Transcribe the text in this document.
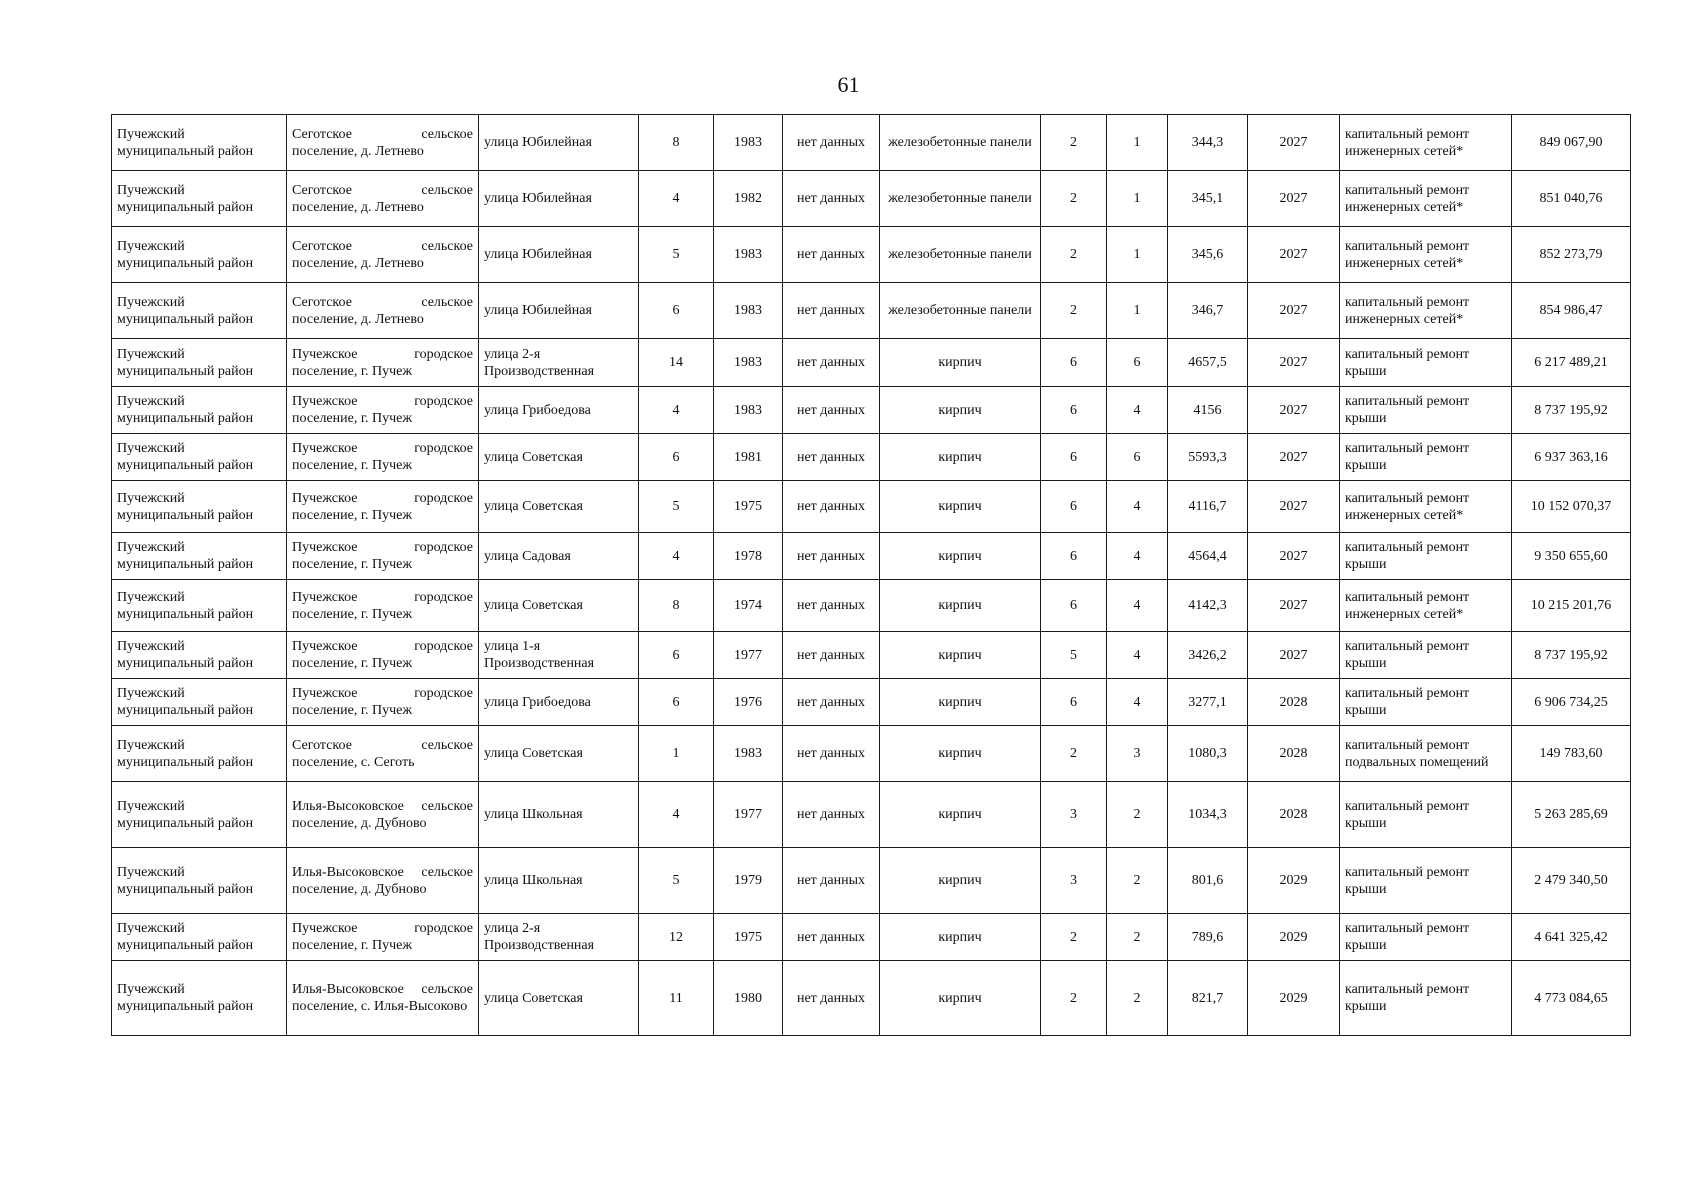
61
Пучежский муниципальный район	Сеготское сельское поселение, д. Летнево	улица Юбилейная	8	1983	нет данных	железобетонные панели	2	1	344,3	2027	капитальный ремонт инженерных сетей*	849 067,90
Пучежский муниципальный район	Сеготское сельское поселение, д. Летнево	улица Юбилейная	4	1982	нет данных	железобетонные панели	2	1	345,1	2027	капитальный ремонт инженерных сетей*	851 040,76
Пучежский муниципальный район	Сеготское сельское поселение, д. Летнево	улица Юбилейная	5	1983	нет данных	железобетонные панели	2	1	345,6	2027	капитальный ремонт инженерных сетей*	852 273,79
Пучежский муниципальный район	Сеготское сельское поселение, д. Летнево	улица Юбилейная	6	1983	нет данных	железобетонные панели	2	1	346,7	2027	капитальный ремонт инженерных сетей*	854 986,47
Пучежский муниципальный район	Пучежское городское поселение, г. Пучеж	улица 2-я Производственная	14	1983	нет данных	кирпич	6	6	4657,5	2027	капитальный ремонт крыши	6 217 489,21
Пучежский муниципальный район	Пучежское городское поселение, г. Пучеж	улица Грибоедова	4	1983	нет данных	кирпич	6	4	4156	2027	капитальный ремонт крыши	8 737 195,92
Пучежский муниципальный район	Пучежское городское поселение, г. Пучеж	улица Советская	6	1981	нет данных	кирпич	6	6	5593,3	2027	капитальный ремонт крыши	6 937 363,16
Пучежский муниципальный район	Пучежское городское поселение, г. Пучеж	улица Советская	5	1975	нет данных	кирпич	6	4	4116,7	2027	капитальный ремонт инженерных сетей*	10 152 070,37
Пучежский муниципальный район	Пучежское городское поселение, г. Пучеж	улица Садовая	4	1978	нет данных	кирпич	6	4	4564,4	2027	капитальный ремонт крыши	9 350 655,60
Пучежский муниципальный район	Пучежское городское поселение, г. Пучеж	улица Советская	8	1974	нет данных	кирпич	6	4	4142,3	2027	капитальный ремонт инженерных сетей*	10 215 201,76
Пучежский муниципальный район	Пучежское городское поселение, г. Пучеж	улица 1-я Производственная	6	1977	нет данных	кирпич	5	4	3426,2	2027	капитальный ремонт крыши	8 737 195,92
Пучежский муниципальный район	Пучежское городское поселение, г. Пучеж	улица Грибоедова	6	1976	нет данных	кирпич	6	4	3277,1	2028	капитальный ремонт крыши	6 906 734,25
Пучежский муниципальный район	Сеготское сельское поселение, с. Сеготь	улица Советская	1	1983	нет данных	кирпич	2	3	1080,3	2028	капитальный ремонт подвальных помещений	149 783,60
Пучежский муниципальный район	Илья-Высоковское сельское поселение, д. Дубново	улица Школьная	4	1977	нет данных	кирпич	3	2	1034,3	2028	капитальный ремонт крыши	5 263 285,69
Пучежский муниципальный район	Илья-Высоковское сельское поселение, д. Дубново	улица Школьная	5	1979	нет данных	кирпич	3	2	801,6	2029	капитальный ремонт крыши	2 479 340,50
Пучежский муниципальный район	Пучежское городское поселение, г. Пучеж	улица 2-я Производственная	12	1975	нет данных	кирпич	2	2	789,6	2029	капитальный ремонт крыши	4 641 325,42
Пучежский муниципальный район	Илья-Высоковское сельское поселение, с. Илья-Высоково	улица Советская	11	1980	нет данных	кирпич	2	2	821,7	2029	капитальный ремонт крыши	4 773 084,65
